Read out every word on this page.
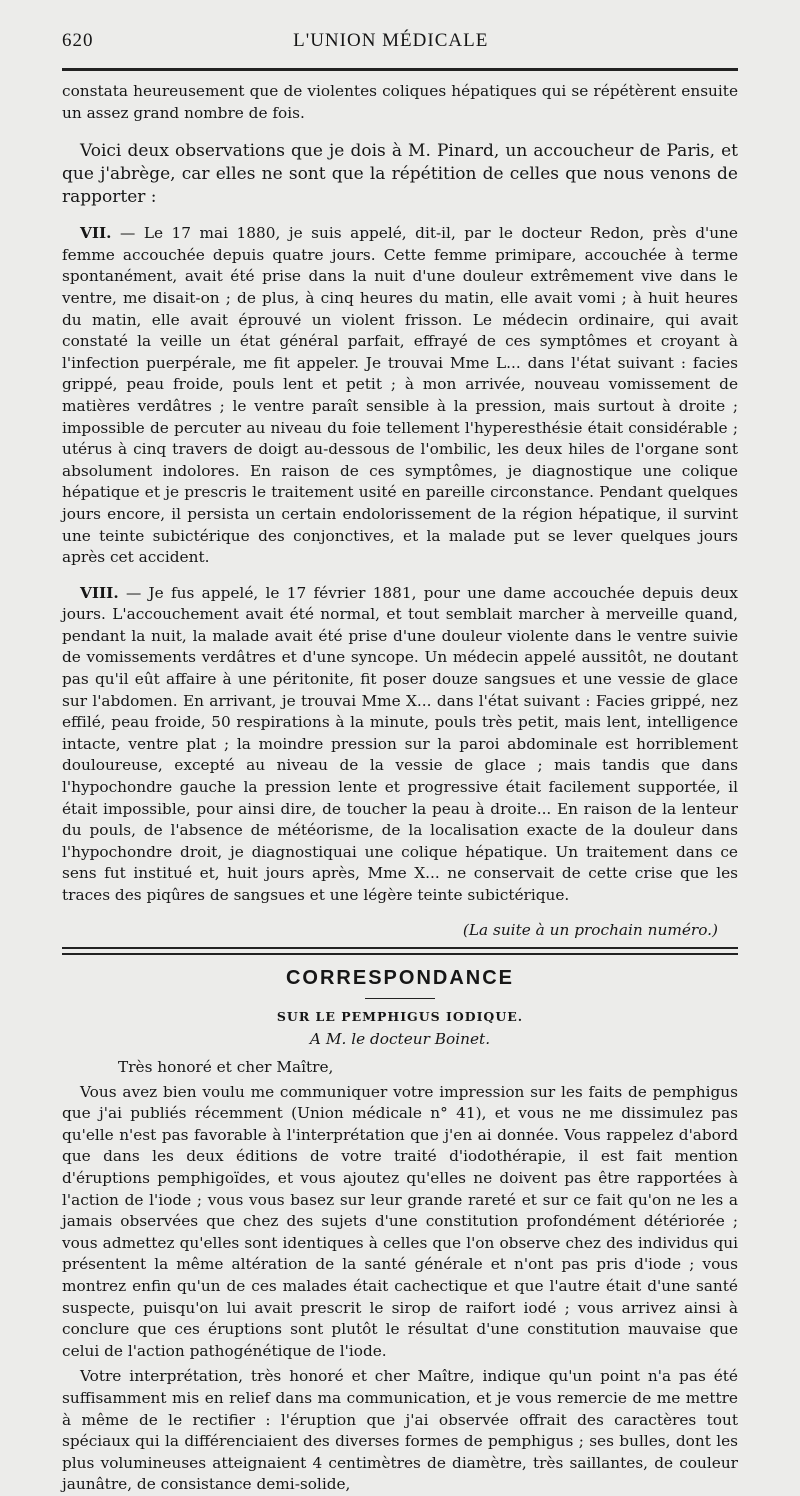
620	L'UNION MÉDICALE

constata heureusement que de violentes coliques hépatiques qui se répétèrent ensuite un assez grand nombre de fois.

Voici deux observations que je dois à M. Pinard, un accoucheur de Paris, et que j'abrège, car elles ne sont que la répétition de celles que nous venons de rapporter :

VII. — Le 17 mai 1880, je suis appelé, dit-il, par le docteur Redon, près d'une femme accouchée depuis quatre jours. Cette femme primipare, accouchée à terme spontanément, avait été prise dans la nuit d'une douleur extrêmement vive dans le ventre, me disait-on ; de plus, à cinq heures du matin, elle avait vomi ; à huit heures du matin, elle avait éprouvé un violent frisson. Le médecin ordinaire, qui avait constaté la veille un état général parfait, effrayé de ces symptômes et croyant à l'infection puerpérale, me fit appeler. Je trouvai Mme L... dans l'état suivant : facies grippé, peau froide, pouls lent et petit ; à mon arrivée, nouveau vomissement de matières verdâtres ; le ventre paraît sensible à la pression, mais surtout à droite ; impossible de percuter au niveau du foie tellement l'hyperesthésie était considérable ; utérus à cinq travers de doigt au-dessous de l'ombilic, les deux hiles de l'organe sont absolument indolores. En raison de ces symptômes, je diagnostique une colique hépatique et je prescris le traitement usité en pareille circonstance. Pendant quelques jours encore, il persista un certain endolorissement de la région hépatique, il survint une teinte subictérique des conjonctives, et la malade put se lever quelques jours après cet accident.

VIII. — Je fus appelé, le 17 février 1881, pour une dame accouchée depuis deux jours. L'accouchement avait été normal, et tout semblait marcher à merveille quand, pendant la nuit, la malade avait été prise d'une douleur violente dans le ventre suivie de vomissements verdâtres et d'une syncope. Un médecin appelé aussitôt, ne doutant pas qu'il eût affaire à une péritonite, fit poser douze sangsues et une vessie de glace sur l'abdomen. En arrivant, je trouvai Mme X... dans l'état suivant : Facies grippé, nez effilé, peau froide, 50 respirations à la minute, pouls très petit, mais lent, intelligence intacte, ventre plat ; la moindre pression sur la paroi abdominale est horriblement douloureuse, excepté au niveau de la vessie de glace ; mais tandis que dans l'hypochondre gauche la pression lente et progressive était facilement supportée, il était impossible, pour ainsi dire, de toucher la peau à droite... En raison de la lenteur du pouls, de l'absence de météorisme, de la localisation exacte de la douleur dans l'hypochondre droit, je diagnostiquai une colique hépatique. Un traitement dans ce sens fut institué et, huit jours après, Mme X... ne conservait de cette crise que les traces des piqûres de sangsues et une légère teinte subictérique.

(La suite à un prochain numéro.)

CORRESPONDANCE

SUR LE PEMPHIGUS IODIQUE.

A M. le docteur Boinet.

Très honoré et cher Maître,

Vous avez bien voulu me communiquer votre impression sur les faits de pemphigus que j'ai publiés récemment (Union médicale n° 41), et vous ne me dissimulez pas qu'elle n'est pas favorable à l'interprétation que j'en ai donnée. Vous rappelez d'abord que dans les deux éditions de votre traité d'iodothérapie, il est fait mention d'éruptions pemphigoïdes, et vous ajoutez qu'elles ne doivent pas être rapportées à l'action de l'iode ; vous vous basez sur leur grande rareté et sur ce fait qu'on ne les a jamais observées que chez des sujets d'une constitution profondément détériorée ; vous admettez qu'elles sont identiques à celles que l'on observe chez des individus qui présentent la même altération de la santé générale et n'ont pas pris d'iode ; vous montrez enfin qu'un de ces malades était cachectique et que l'autre était d'une santé suspecte, puisqu'on lui avait prescrit le sirop de raifort iodé ; vous arrivez ainsi à conclure que ces éruptions sont plutôt le résultat d'une constitution mauvaise que celui de l'action pathogénétique de l'iode.

Votre interprétation, très honoré et cher Maître, indique qu'un point n'a pas été suffisamment mis en relief dans ma communication, et je vous remercie de me mettre à même de le rectifier : l'éruption que j'ai observée offrait des caractères tout spéciaux qui la différenciaient des diverses formes de pemphigus ; ses bulles, dont les plus volumineuses atteignaient 4 centimètres de diamètre, très saillantes, de couleur jaunâtre, de consistance demi-solide,
